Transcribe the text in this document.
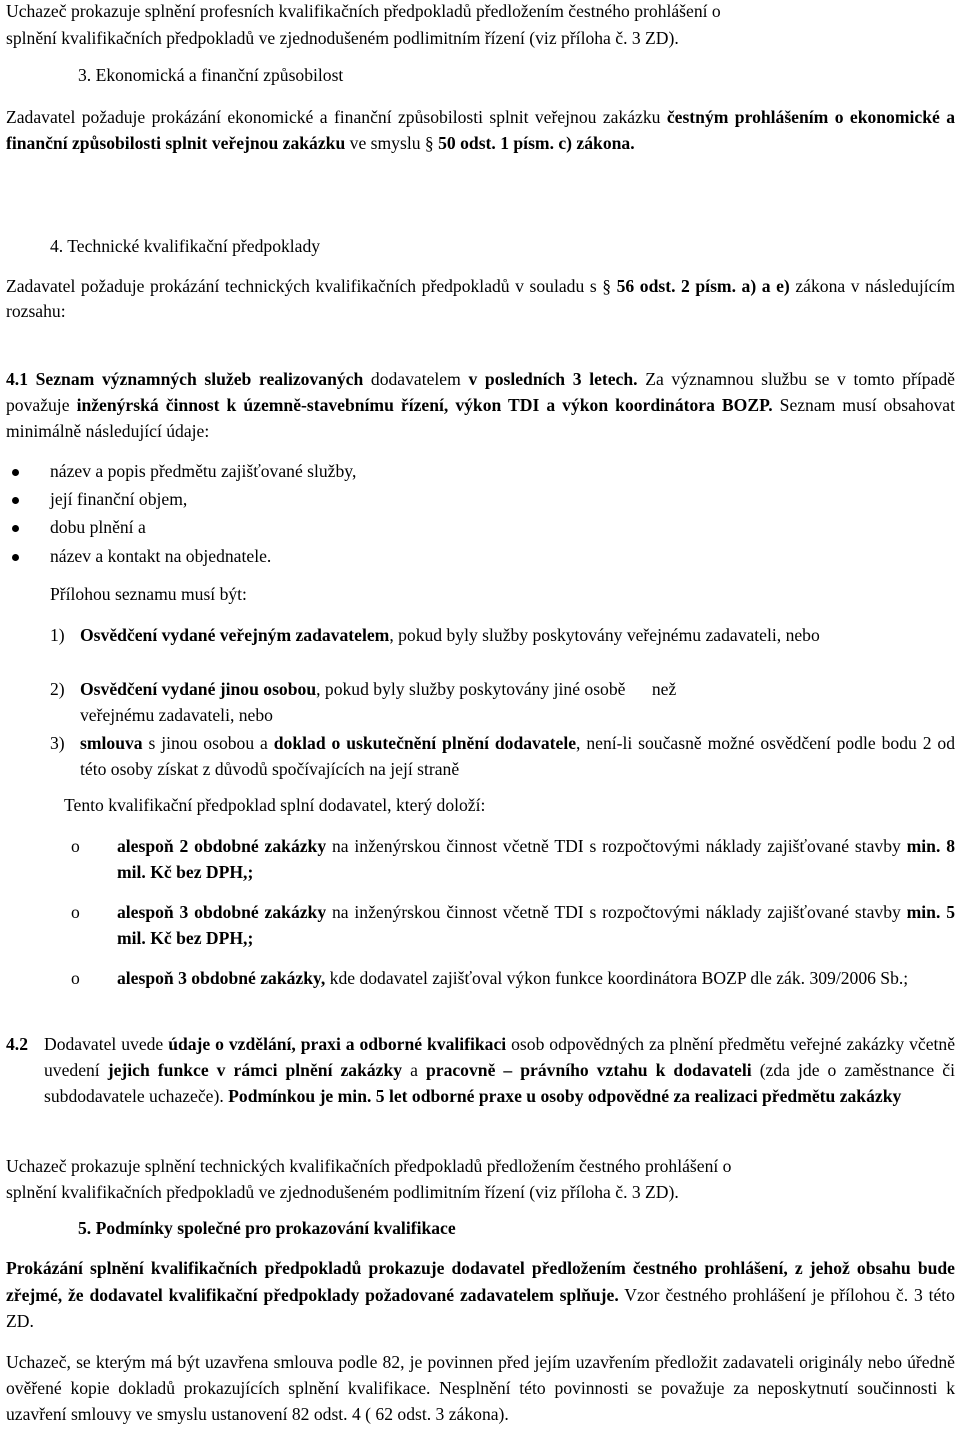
Uchazeč prokazuje splnění profesních kvalifikačních předpokladů předložením čestného prohlášení o
splnění kvalifikačních předpokladů ve zjednodušeném podlimitním řízení (viz příloha č. 3 ZD).
3. Ekonomická a finanční způsobilost
Zadavatel požaduje prokázání ekonomické a finanční způsobilosti splnit veřejnou zakázku čestným prohlášením o ekonomické a finanční způsobilosti splnit veřejnou zakázku ve smyslu § 50 odst. 1 písm. c) zákona.
4. Technické kvalifikační předpoklady
Zadavatel požaduje prokázání technických kvalifikačních předpokladů v souladu s § 56 odst. 2 písm. a) a e) zákona v následujícím rozsahu:
4.1 Seznam významných služeb realizovaných dodavatelem v posledních 3 letech. Za významnou službu se v tomto případě považuje inženýrská činnost k územně-stavebnímu řízení, výkon TDI a výkon koordinátora BOZP. Seznam musí obsahovat minimálně následující údaje:
název a popis předmětu zajišťované služby,
její finanční objem,
dobu plnění a
název a kontakt na objednatele.
Přílohou seznamu musí být:
1) Osvědčení vydané veřejným zadavatelem, pokud byly služby poskytovány veřejnému zadavateli, nebo
2) Osvědčení vydané jinou osobou, pokud byly služby poskytovány jiné osobě než
veřejnému zadavateli, nebo
3) smlouva s jinou osobou a doklad o uskutečnění plnění dodavatele, není-li současně možné osvědčení podle bodu 2 od této osoby získat z důvodů spočívajících na její straně
Tento kvalifikační předpoklad splní dodavatel, který doloží:
o alespoň 2 obdobné zakázky na inženýrskou činnost včetně TDI s rozpočtovými náklady zajišťované stavby min. 8 mil. Kč bez DPH,;
o alespoň 3 obdobné zakázky na inženýrskou činnost včetně TDI s rozpočtovými náklady zajišťované stavby min. 5 mil. Kč bez DPH,;
o alespoň 3 obdobné zakázky, kde dodavatel zajišťoval výkon funkce koordinátora BOZP dle zák. 309/2006 Sb.;
4.2 Dodavatel uvede údaje o vzdělání, praxi a odborné kvalifikaci osob odpovědných za plnění předmětu veřejné zakázky včetně uvedení jejich funkce v rámci plnění zakázky a pracovně – právního vztahu k dodavateli (zda jde o zaměstnance či subdodavatele uchazeče). Podmínkou je min. 5 let odborné praxe u osoby odpovědné za realizaci předmětu zakázky
Uchazeč prokazuje splnění technických kvalifikačních předpokladů předložením čestného prohlášení o
splnění kvalifikačních předpokladů ve zjednodušeném podlimitním řízení (viz příloha č. 3 ZD).
5. Podmínky společné pro prokazování kvalifikace
Prokázání splnění kvalifikačních předpokladů prokazuje dodavatel předložením čestného prohlášení, z jehož obsahu bude zřejmé, že dodavatel kvalifikační předpoklady požadované zadavatelem splňuje. Vzor čestného prohlášení je přílohou č. 3 této ZD.
Uchazeč, se kterým má být uzavřena smlouva podle 82, je povinnen před jejím uzavřením předložit zadavateli originály nebo úředně ověřené kopie dokladů prokazujících splnění kvalifikace. Nesplnění této povinnosti se považuje za neposkytnutí součinnosti k uzavření smlouvy ve smyslu ustanovení 82 odst. 4 ( 62 odst. 3 zákona).
